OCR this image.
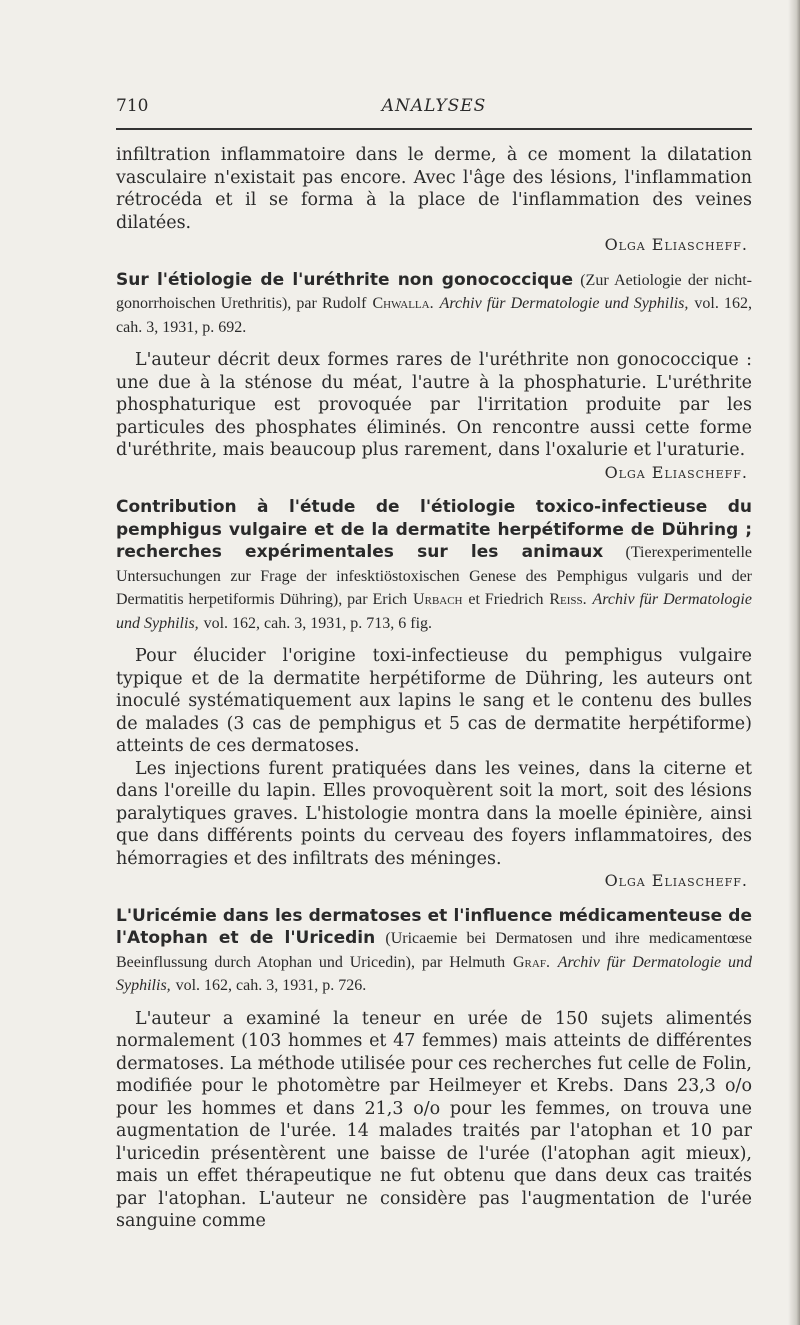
710	ANALYSES

infiltration inflammatoire dans le derme, à ce moment la dilatation vasculaire n'existait pas encore. Avec l'âge des lésions, l'inflammation rétrocéda et il se forma à la place de l'inflammation des veines dilatées.

Olga Eliascheff.

Sur l'étiologie de l'uréthrite non gonococcique (Zur Aetiologie der nicht-gonorrhoischen Urethritis), par Rudolf Chwalla. Archiv für Dermatologie und Syphilis, vol. 162, cah. 3, 1931, p. 692.

L'auteur décrit deux formes rares de l'uréthrite non gonococcique : une due à la sténose du méat, l'autre à la phosphaturie. L'uréthrite phosphaturique est provoquée par l'irritation produite par les particules des phosphates éliminés. On rencontre aussi cette forme d'uréthrite, mais beaucoup plus rarement, dans l'oxalurie et l'uraturie.

Olga Eliascheff.

Contribution à l'étude de l'étiologie toxico-infectieuse du pemphigus vulgaire et de la dermatite herpétiforme de Dühring ; recherches expérimentales sur les animaux (Tierexperimentelle Untersuchungen zur Frage der infesktiöstoxischen Genese des Pemphigus vulgaris und der Dermatitis herpetiformis Dühring), par Erich Urbach et Friedrich Reiss. Archiv für Dermatologie und Syphilis, vol. 162, cah. 3, 1931, p. 713, 6 fig.

Pour élucider l'origine toxi-infectieuse du pemphigus vulgaire typique et de la dermatite herpétiforme de Dühring, les auteurs ont inoculé systématiquement aux lapins le sang et le contenu des bulles de malades (3 cas de pemphigus et 5 cas de dermatite herpétiforme) atteints de ces dermatoses.

Les injections furent pratiquées dans les veines, dans la citerne et dans l'oreille du lapin. Elles provoquèrent soit la mort, soit des lésions paralytiques graves. L'histologie montra dans la moelle épinière, ainsi que dans différents points du cerveau des foyers inflammatoires, des hémorragies et des infiltrats des méninges.

Olga Eliascheff.

L'Uricémie dans les dermatoses et l'influence médicamenteuse de l'Atophan et de l'Uricedin (Uricaemie bei Dermatosen und ihre medicamentœse Beeinflussung durch Atophan und Uricedin), par Helmuth Graf. Archiv für Dermatologie und Syphilis, vol. 162, cah. 3, 1931, p. 726.

L'auteur a examiné la teneur en urée de 150 sujets alimentés normalement (103 hommes et 47 femmes) mais atteints de différentes dermatoses. La méthode utilisée pour ces recherches fut celle de Folin, modifiée pour le photomètre par Heilmeyer et Krebs. Dans 23,3 o/o pour les hommes et dans 21,3 o/o pour les femmes, on trouva une augmentation de l'urée. 14 malades traités par l'atophan et 10 par l'uricedin présentèrent une baisse de l'urée (l'atophan agit mieux), mais un effet thérapeutique ne fut obtenu que dans deux cas traités par l'atophan. L'auteur ne considère pas l'augmentation de l'urée sanguine comme
